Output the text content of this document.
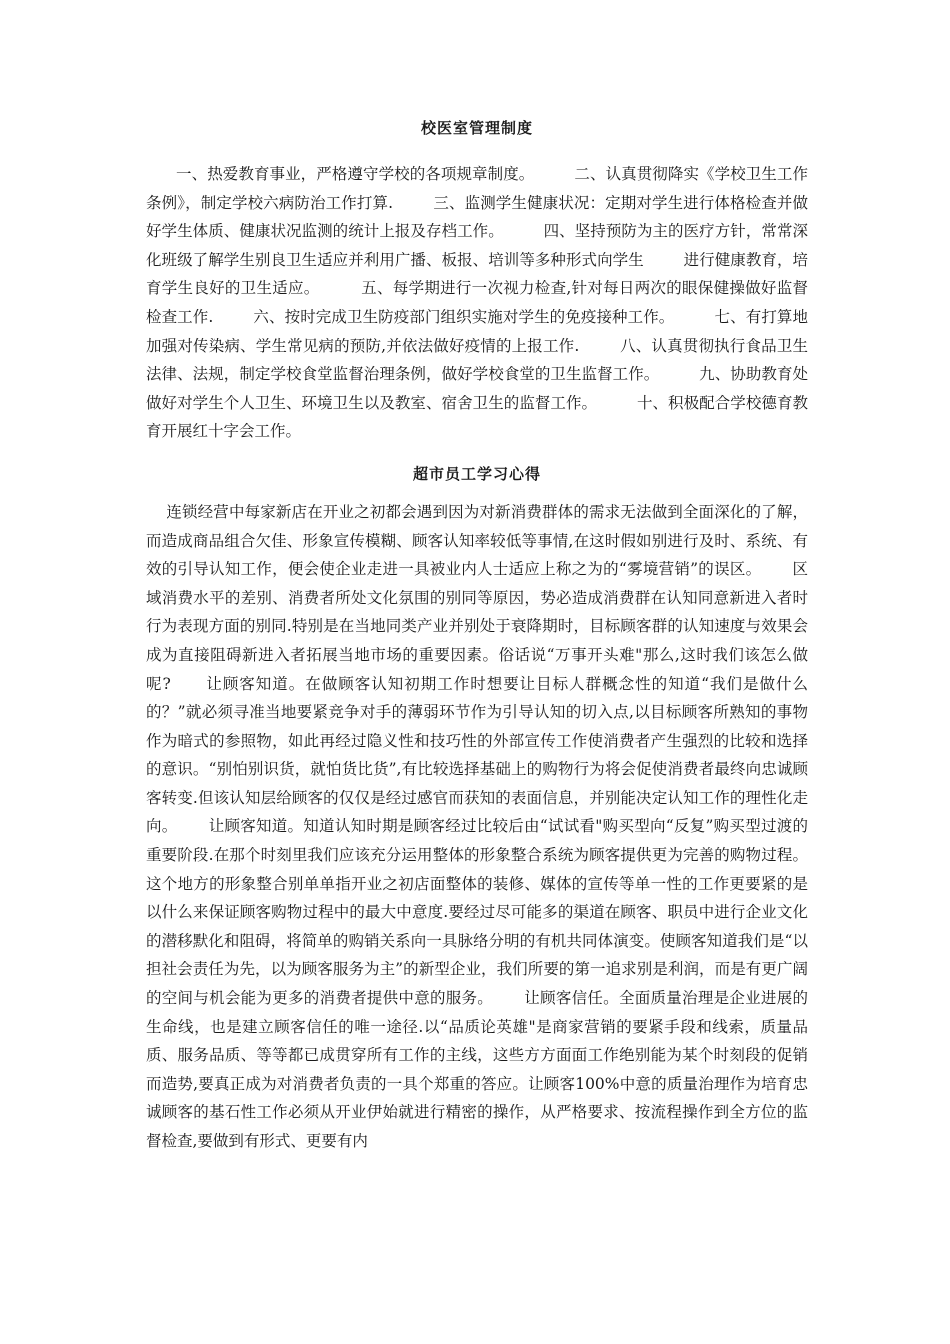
校医室管理制度

一、热爱教育事业，严格遵守学校的各项规章制度。        二、认真贯彻降实《学校卫生工作条例》，制定学校六病防治工作打算.        三、监测学生健康状况：定期对学生进行体格检查并做好学生体质、健康状况监测的统计上报及存档工作。        四、坚持预防为主的医疗方针，常常深化班级了解学生别良卫生适应并利用广播、板报、培训等多种形式向学生        进行健康教育，培育学生良好的卫生适应。        五、每学期进行一次视力检查,针对每日两次的眼保健操做好监督检查工作.        六、按时完成卫生防疫部门组织实施对学生的免疫接种工作。        七、有打算地加强对传染病、学生常见病的预防,并依法做好疫情的上报工作.        八、认真贯彻执行食品卫生法律、法规，制定学校食堂监督治理条例，做好学校食堂的卫生监督工作。        九、协助教育处做好对学生个人卫生、环境卫生以及教室、宿舍卫生的监督工作。        十、积极配合学校德育教育开展红十字会工作。

超市员工学习心得

连锁经营中每家新店在开业之初都会遇到因为对新消费群体的需求无法做到全面深化的了解，而造成商品组合欠佳、形象宣传模糊、顾客认知率较低等事情,在这时假如别进行及时、系统、有效的引导认知工作，便会使企业走进一具被业内人士适应上称之为的“雾境营销”的误区。      区域消费水平的差别、消费者所处文化氛围的别同等原因，势必造成消费群在认知同意新进入者时行为表现方面的别同.特别是在当地同类产业并别处于衰降期时，目标顾客群的认知速度与效果会成为直接阻碍新进入者拓展当地市场的重要因素。俗话说“万事开头难"那么,这时我们该怎么做呢?      让顾客知道。在做顾客认知初期工作时想要让目标人群概念性的知道“我们是做什么的？”就必须寻准当地要紧竞争对手的薄弱环节作为引导认知的切入点,以目标顾客所熟知的事物作为暗式的参照物，如此再经过隐义性和技巧性的外部宣传工作使消费者产生强烈的比较和选择的意识。“别怕别识货，就怕货比货”,有比较选择基础上的购物行为将会促使消费者最终向忠诚顾客转变.但该认知层给顾客的仅仅是经过感官而获知的表面信息，并别能决定认知工作的理性化走向。      让顾客知道。知道认知时期是顾客经过比较后由“试试看"购买型向“反复”购买型过渡的重要阶段.在那个时刻里我们应该充分运用整体的形象整合系统为顾客提供更为完善的购物过程。这个地方的形象整合别单单指开业之初店面整体的装修、媒体的宣传等单一性的工作更要紧的是以什么来保证顾客购物过程中的最大中意度.要经过尽可能多的渠道在顾客、职员中进行企业文化的潜移默化和阻碍，将简单的购销关系向一具脉络分明的有机共同体演变。使顾客知道我们是“以担社会责任为先，以为顾客服务为主”的新型企业，我们所要的第一追求别是利润，而是有更广阔的空间与机会能为更多的消费者提供中意的服务。      让顾客信任。全面质量治理是企业进展的生命线，也是建立顾客信任的唯一途径.以“品质论英雄"是商家营销的要紧手段和线索，质量品质、服务品质、等等都已成贯穿所有工作的主线，这些方方面面工作绝别能为某个时刻段的促销而造势,要真正成为对消费者负责的一具个郑重的答应。让顾客100%中意的质量治理作为培育忠诚顾客的基石性工作必须从开业伊始就进行精密的操作，从严格要求、按流程操作到全方位的监督检查,要做到有形式、更要有内
